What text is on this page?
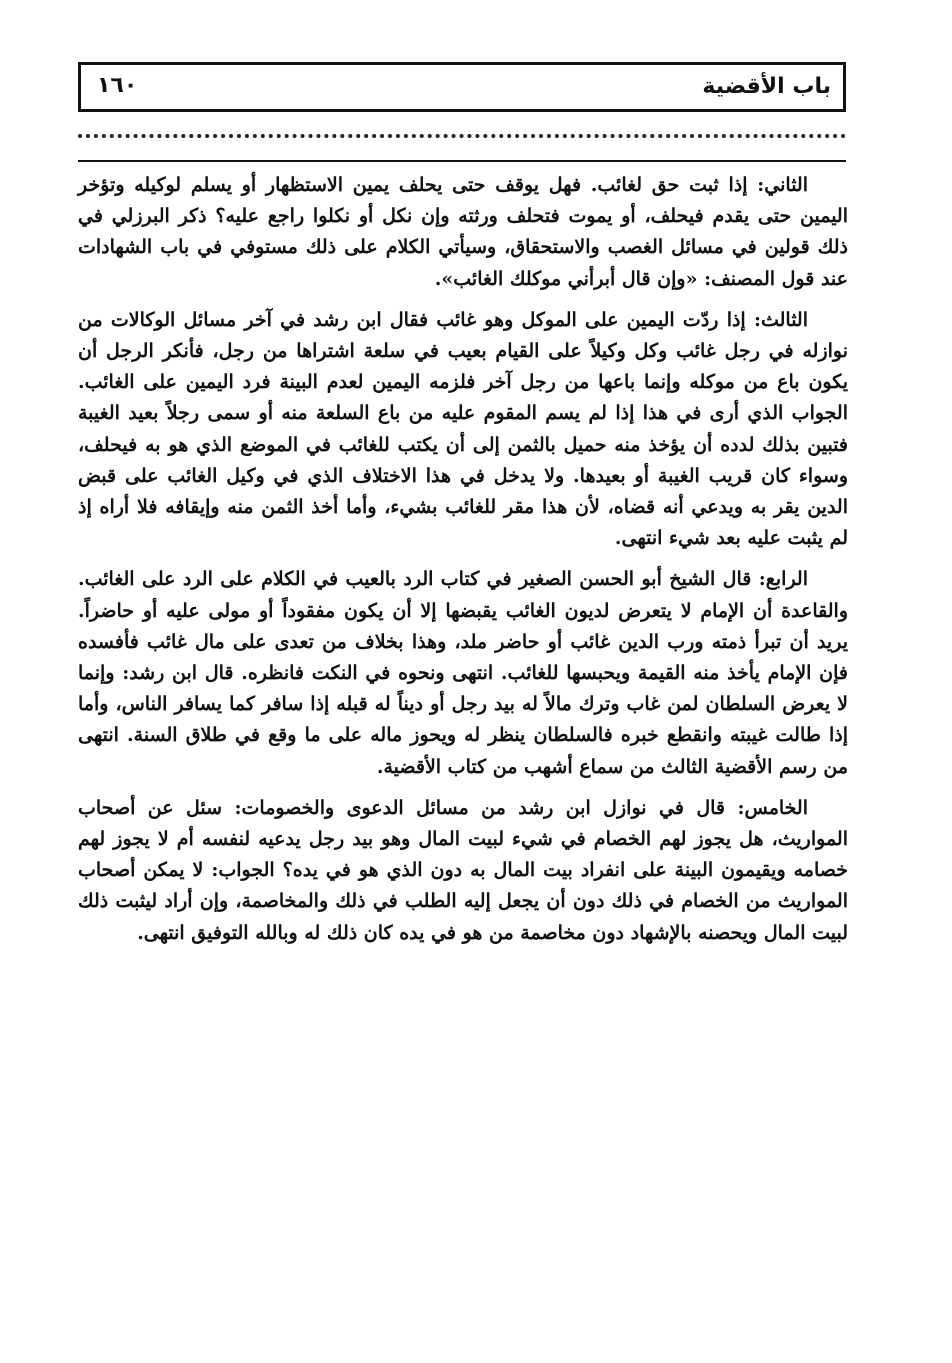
باب الأقضية
١٦٠

الثاني: إذا ثبت حق لغائب. فهل يوقف حتى يحلف يمين الاستظهار أو يسلم لوكيله وتؤخر اليمين حتى يقدم فيحلف، أو يموت فتحلف ورثته وإن نكل أو نكلوا راجع عليه؟ ذكر البرزلي في ذلك قولين في مسائل الغصب والاستحقاق، وسيأتي الكلام على ذلك مستوفي في باب الشهادات عند قول المصنف: «وإن قال أبرأني موكلك الغائب».

الثالث: إذا ردّت اليمين على الموكل وهو غائب فقال ابن رشد في آخر مسائل الوكالات من نوازله في رجل غائب وكل وكيلاً على القيام بعيب في سلعة اشتراها من رجل، فأنكر الرجل أن يكون باع من موكله وإنما باعها من رجل آخر فلزمه اليمين لعدم البينة فرد اليمين على الغائب. الجواب الذي أرى في هذا إذا لم يسم المقوم عليه من باع السلعة منه أو سمى رجلاً بعيد الغيبة فتبين بذلك لدده أن يؤخذ منه حميل بالثمن إلى أن يكتب للغائب في الموضع الذي هو به فيحلف، وسواء كان قريب الغيبة أو بعيدها. ولا يدخل في هذا الاختلاف الذي في وكيل الغائب على قبض الدين يقر به ويدعي أنه قضاه، لأن هذا مقر للغائب بشيء، وأما أخذ الثمن منه وإيقافه فلا أراه إذ لم يثبت عليه بعد شيء انتهى.

الرابع: قال الشيخ أبو الحسن الصغير في كتاب الرد بالعيب في الكلام على الرد على الغائب. والقاعدة أن الإمام لا يتعرض لديون الغائب يقبضها إلا أن يكون مفقوداً أو مولى عليه أو حاضراً. يريد أن تبرأ ذمته ورب الدين غائب أو حاضر ملد، وهذا بخلاف من تعدى على مال غائب فأفسده فإن الإمام يأخذ منه القيمة ويحبسها للغائب. انتهى ونحوه في النكت فانظره. قال ابن رشد: وإنما لا يعرض السلطان لمن غاب وترك مالاً له بيد رجل أو ديناً له قبله إذا سافر كما يسافر الناس، وأما إذا طالت غيبته وانقطع خبره فالسلطان ينظر له ويحوز ماله على ما وقع في طلاق السنة. انتهى من رسم الأقضية الثالث من سماع أشهب من كتاب الأقضية.

الخامس: قال في نوازل ابن رشد من مسائل الدعوى والخصومات: سئل عن أصحاب المواريث، هل يجوز لهم الخصام في شيء لبيت المال وهو بيد رجل يدعيه لنفسه أم لا يجوز لهم خصامه ويقيمون البينة على انفراد بيت المال به دون الذي هو في يده؟ الجواب: لا يمكن أصحاب المواريث من الخصام في ذلك دون أن يجعل إليه الطلب في ذلك والمخاصمة، وإن أراد ليثبت ذلك لبيت المال ويحصنه بالإشهاد دون مخاصمة من هو في يده كان ذلك له وبالله التوفيق انتهى.
